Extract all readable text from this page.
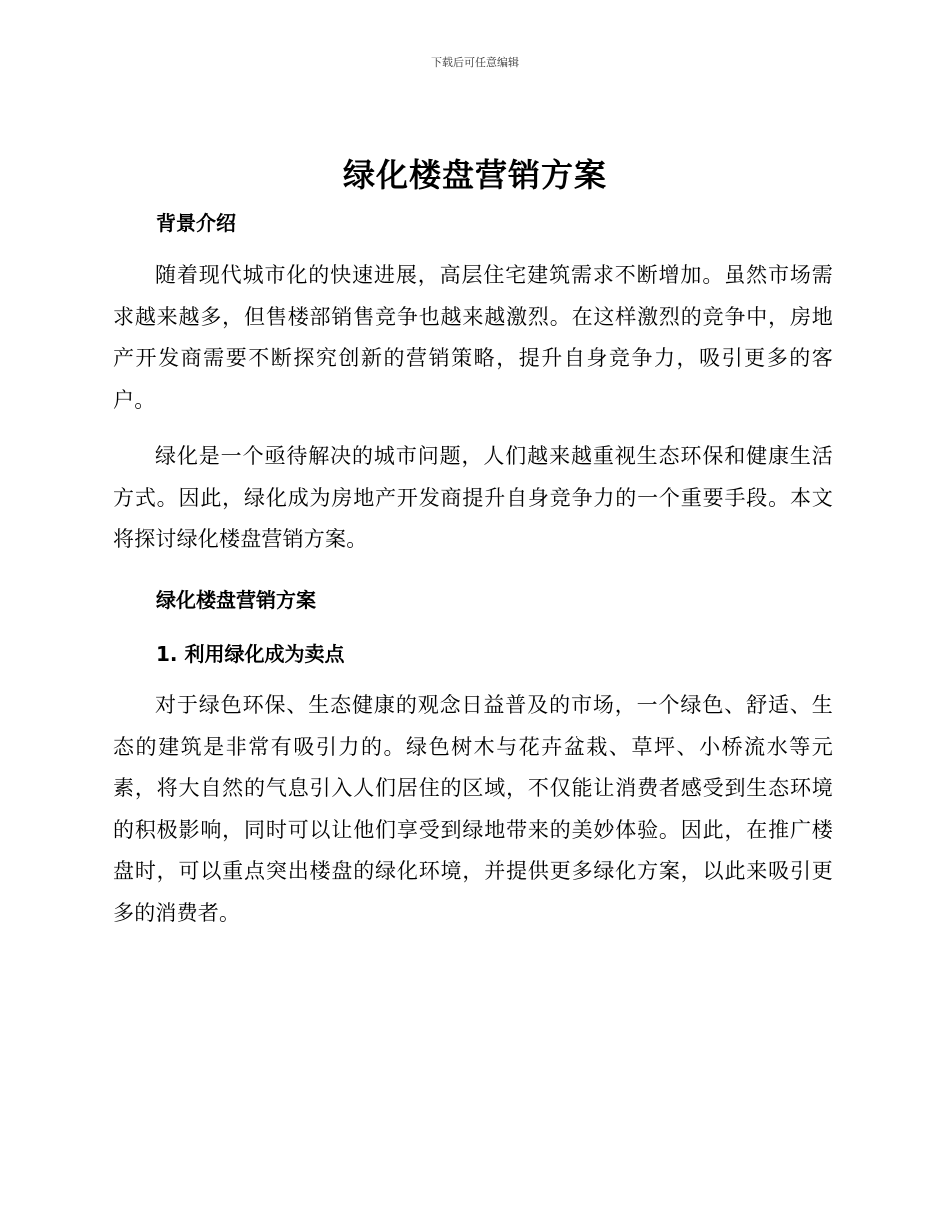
下载后可任意编辑
绿化楼盘营销方案
背景介绍
随着现代城市化的快速进展，高层住宅建筑需求不断增加。虽然市场需求越来越多，但售楼部销售竞争也越来越激烈。在这样激烈的竞争中，房地产开发商需要不断探究创新的营销策略，提升自身竞争力，吸引更多的客户。
绿化是一个亟待解决的城市问题，人们越来越重视生态环保和健康生活方式。因此，绿化成为房地产开发商提升自身竞争力的一个重要手段。本文将探讨绿化楼盘营销方案。
绿化楼盘营销方案
1. 利用绿化成为卖点
对于绿色环保、生态健康的观念日益普及的市场，一个绿色、舒适、生态的建筑是非常有吸引力的。绿色树木与花卉盆栽、草坪、小桥流水等元素，将大自然的气息引入人们居住的区域，不仅能让消费者感受到生态环境的积极影响，同时可以让他们享受到绿地带来的美妙体验。因此，在推广楼盘时，可以重点突出楼盘的绿化环境，并提供更多绿化方案，以此来吸引更多的消费者。
